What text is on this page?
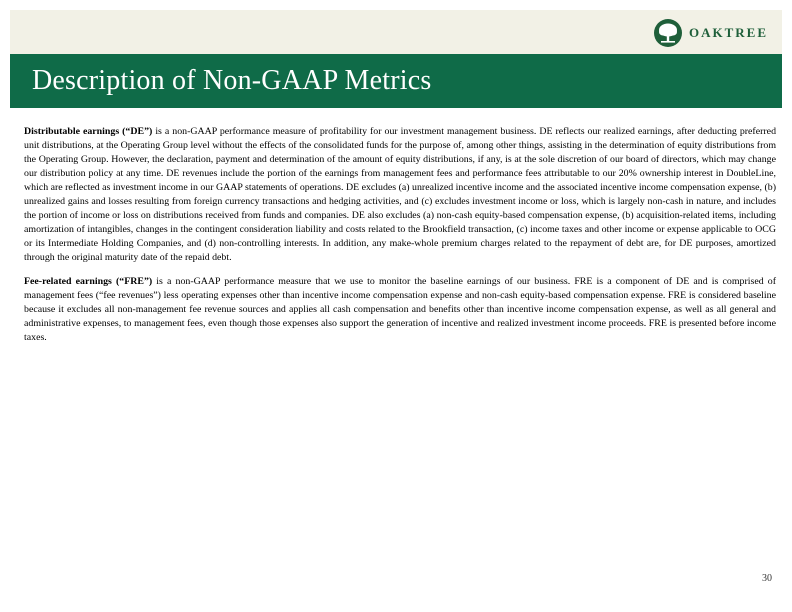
OAKTREE
Description of Non-GAAP Metrics

Distributable earnings (“DE”) is a non-GAAP performance measure of profitability for our investment management business. DE reflects our realized earnings, after deducting preferred unit distributions, at the Operating Group level without the effects of the consolidated funds for the purpose of, among other things, assisting in the determination of equity distributions from the Operating Group. However, the declaration, payment and determination of the amount of equity distributions, if any, is at the sole discretion of our board of directors, which may change our distribution policy at any time. DE revenues include the portion of the earnings from management fees and performance fees attributable to our 20% ownership interest in DoubleLine, which are reflected as investment income in our GAAP statements of operations. DE excludes (a) unrealized incentive income and the associated incentive income compensation expense, (b) unrealized gains and losses resulting from foreign currency transactions and hedging activities, and (c) excludes investment income or loss, which is largely non-cash in nature, and includes the portion of income or loss on distributions received from funds and companies. DE also excludes (a) non-cash equity-based compensation expense, (b) acquisition-related items, including amortization of intangibles, changes in the contingent consideration liability and costs related to the Brookfield transaction, (c) income taxes and other income or expense applicable to OCG or its Intermediate Holding Companies, and (d) non-controlling interests. In addition, any make-whole premium charges related to the repayment of debt are, for DE purposes, amortized through the original maturity date of the repaid debt.

Fee-related earnings (“FRE”) is a non-GAAP performance measure that we use to monitor the baseline earnings of our business. FRE is a component of DE and is comprised of management fees (“fee revenues”) less operating expenses other than incentive income compensation expense and non-cash equity-based compensation expense. FRE is considered baseline because it excludes all non-management fee revenue sources and applies all cash compensation and benefits other than incentive income compensation expense, as well as all general and administrative expenses, to management fees, even though those expenses also support the generation of incentive and realized investment income proceeds. FRE is presented before income taxes.

30
